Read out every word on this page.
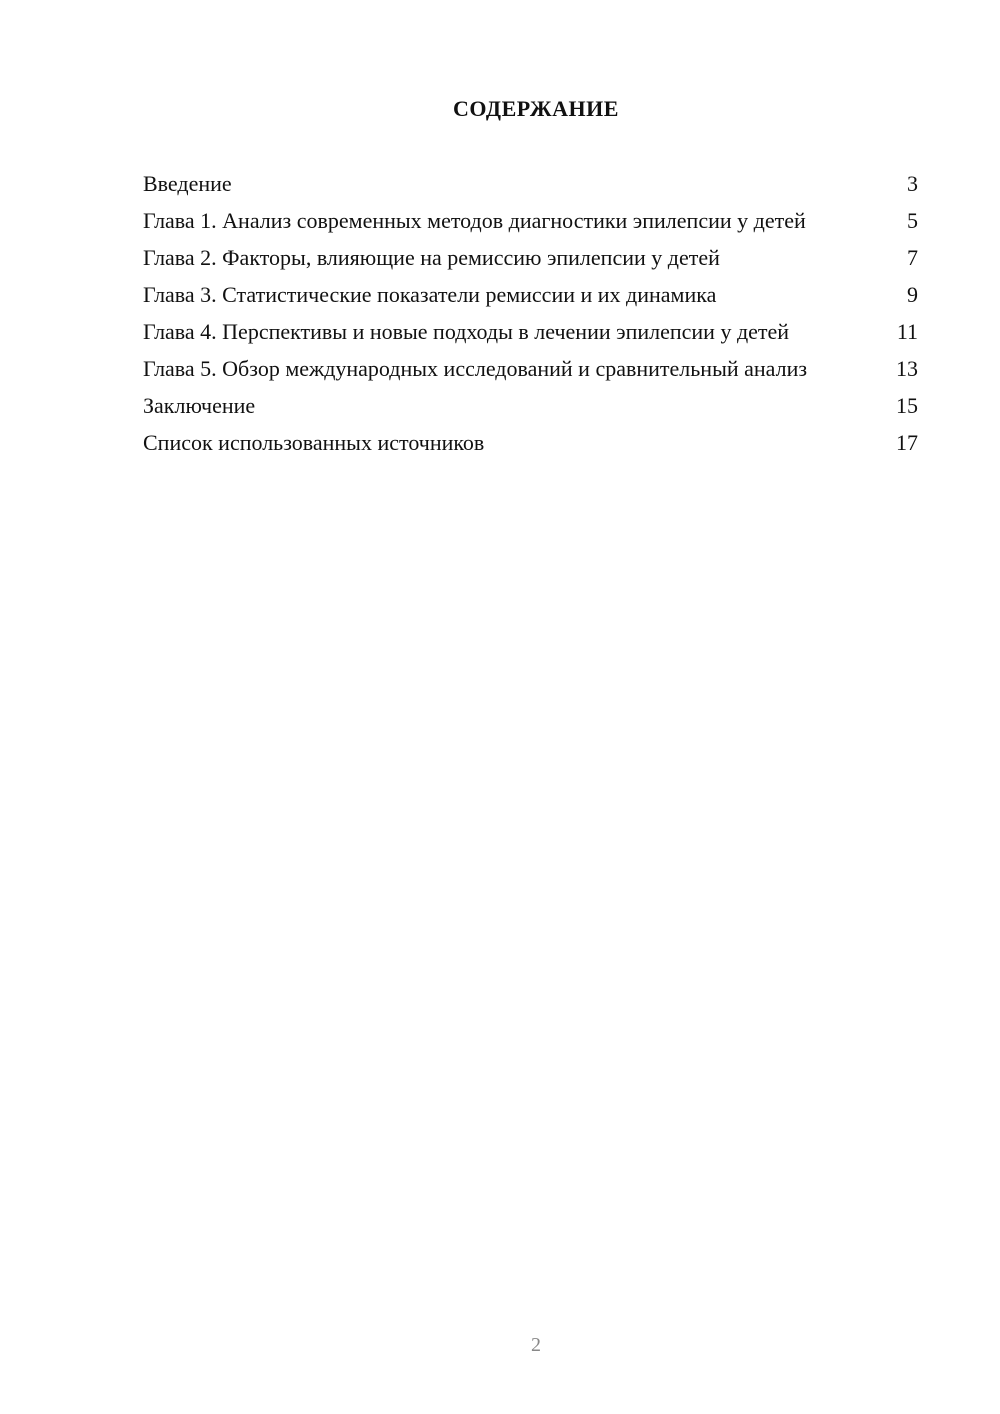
СОДЕРЖАНИЕ
Введение	3
Глава 1. Анализ современных методов диагностики эпилепсии у детей	5
Глава 2. Факторы, влияющие на ремиссию эпилепсии у детей	7
Глава 3. Статистические показатели ремиссии и их динамика	9
Глава 4. Перспективы и новые подходы в лечении эпилепсии у детей	11
Глава 5. Обзор международных исследований и сравнительный анализ	13
Заключение	15
Список использованных источников	17
2
